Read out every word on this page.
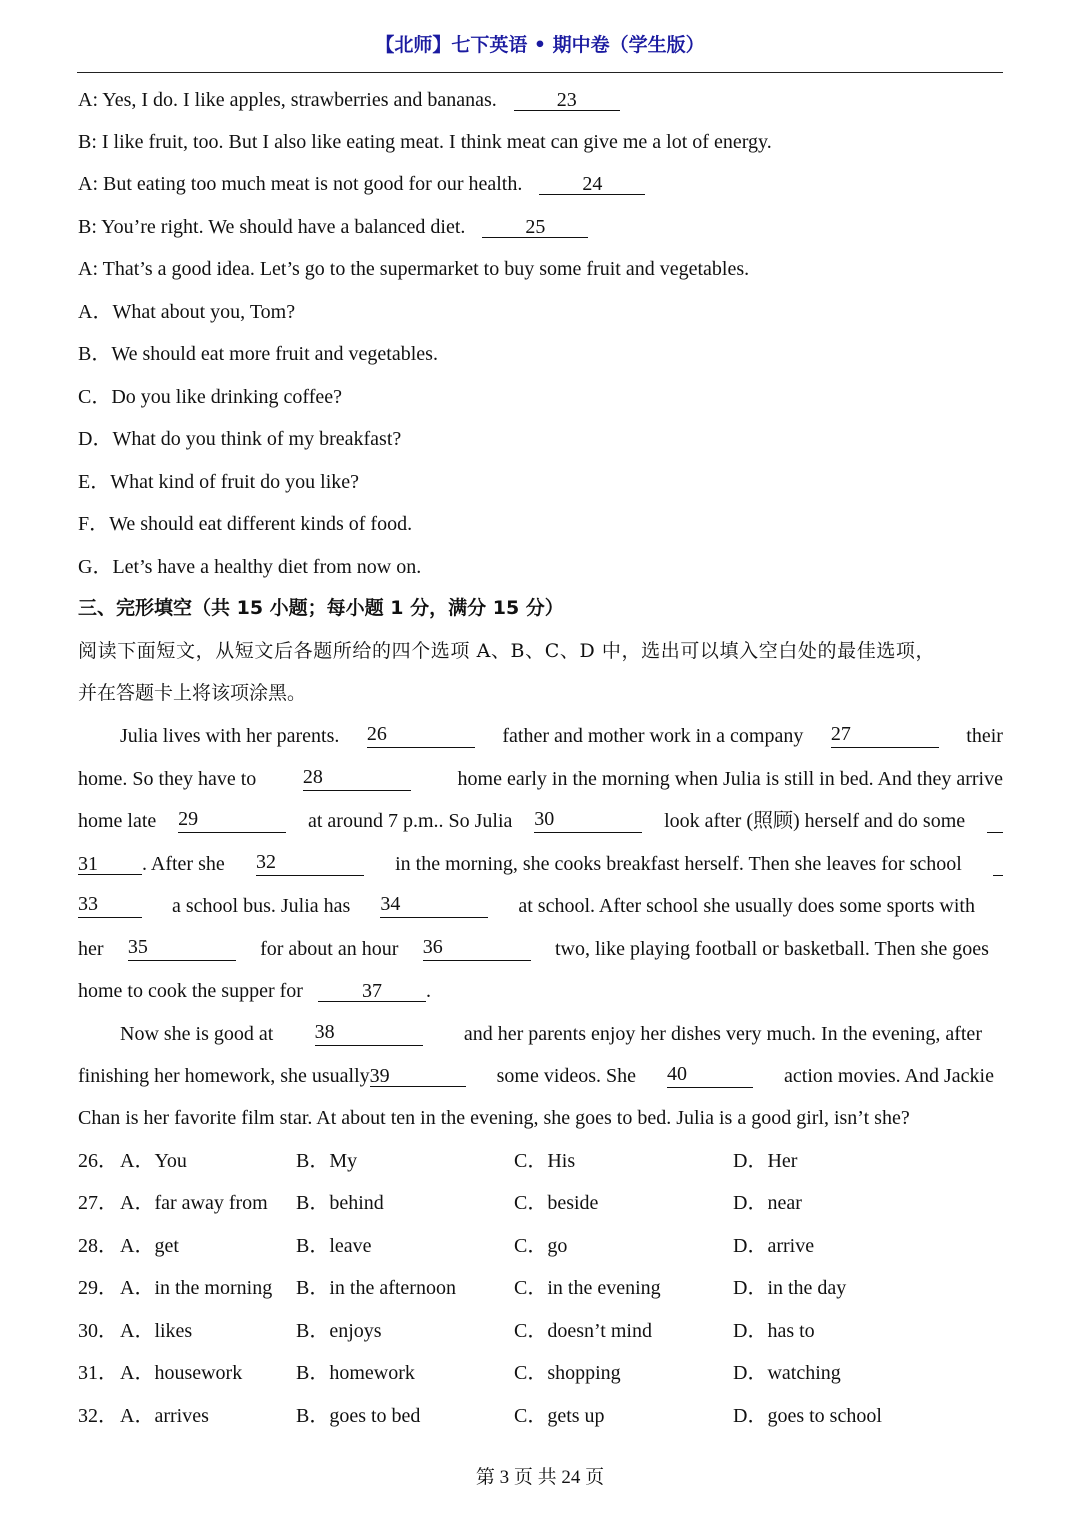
【北师】七下英语 • 期中卷（学生版）
A: Yes, I do. I like apples, strawberries and bananas.	23
B: I like fruit, too. But I also like eating meat. I think meat can give me a lot of energy.
A: But eating too much meat is not good for our health.	24
B: You’re right. We should have a balanced diet.	25
A: That’s a good idea. Let’s go to the supermarket to buy some fruit and vegetables.
A．What about you, Tom?
B．We should eat more fruit and vegetables.
C．Do you like drinking coffee?
D．What do you think of my breakfast?
E．What kind of fruit do you like?
F．We should eat different kinds of food.
G．Let’s have a healthy diet from now on.
三、完形填空（共 15 小题；每小题 1 分，满分 15 分）
阅读下面短文，从短文后各题所给的四个选项 A、B、C、D 中，选出可以填入空白处的最佳选项，
并在答题卡上将该项涂黑。
Julia lives with her parents. 26	father and mother work in a company 27	their
home. So they have to 28	home early in the morning when Julia is still in bed. And they arrive
home late 29	at around 7 p.m.. So Julia 30	look after (照顾) herself and do some
31 . After she 32	in the morning, she cooks breakfast herself. Then she leaves for school
33	a school bus. Julia has 34	at school. After school she usually does some sports with
her 35	for about an hour 36	two, like playing football or basketball. Then she goes
home to cook the supper for	37 .
Now she is good at 38	and her parents enjoy her dishes very much. In the evening, after
finishing her homework, she usually39	some videos. She 40	action movies. And Jackie
Chan is her favorite film star. At about ten in the evening, she goes to bed. Julia is a good girl, isn’t she?
26． A．You	B．My	C．His	D．Her
27． A．far away from B．behind	C．beside	D．near
28． A．get	B．leave	C．go	D．arrive
29． A．in the morning B．in the afternoon	C．in the evening	D．in the day
30． A．likes	B．enjoys	C．doesn’t mind	D．has to
31． A．housework	B．homework	C．shopping	D．watching
32． A．arrives	B．goes to bed	C．gets up	D．goes to school
第 3 页 共 24 页
